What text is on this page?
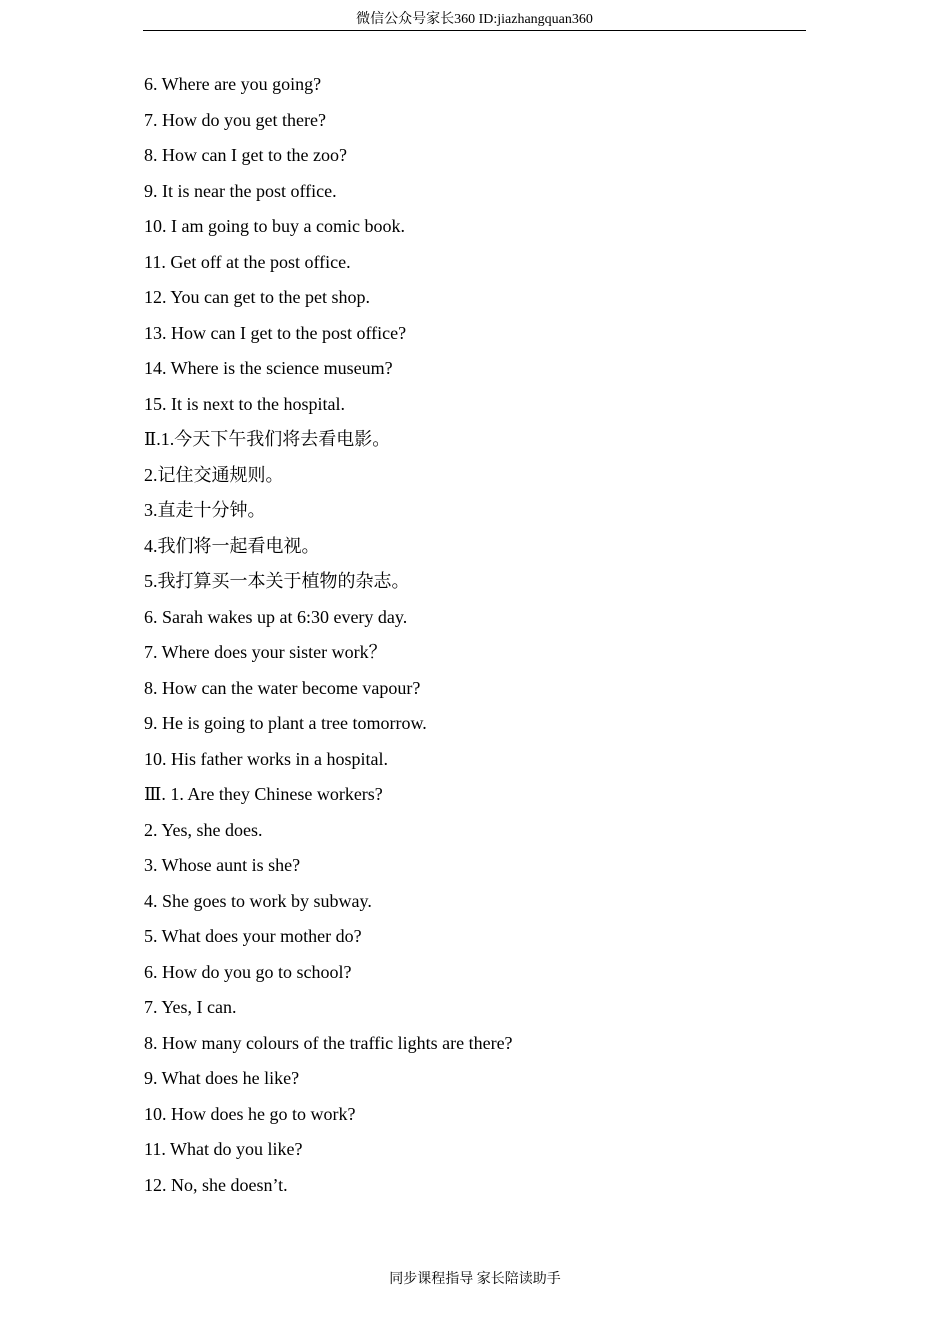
微信公众号家长360 ID:jiazhangquan360
6. Where are you going?
7. How do you get there?
8. How can I get to the zoo?
9. It is near the post office.
10. I am going to buy a comic book.
11. Get off at the post office.
12. You can get to the pet shop.
13. How can I get to the post office?
14. Where is the science museum?
15. It is next to the hospital.
Ⅱ.1.今天下午我们将去看电影。
2.记住交通规则。
3.直走十分钟。
4.我们将一起看电视。
5.我打算买一本关于植物的杂志。
6. Sarah wakes up at 6:30 every day.
7. Where does your sister work？
8. How can the water become vapour?
9. He is going to plant a tree tomorrow.
10. His father works in a hospital.
Ⅲ. 1. Are they Chinese workers?
2. Yes, she does.
3. Whose aunt is she?
4. She goes to work by subway.
5. What does your mother do?
6. How do you go to school?
7. Yes, I can.
8. How many colours of the traffic lights are there?
9. What does he like?
10. How does he go to work?
11. What do you like?
12. No, she doesn’t.
同步课程指导 家长陪读助手
